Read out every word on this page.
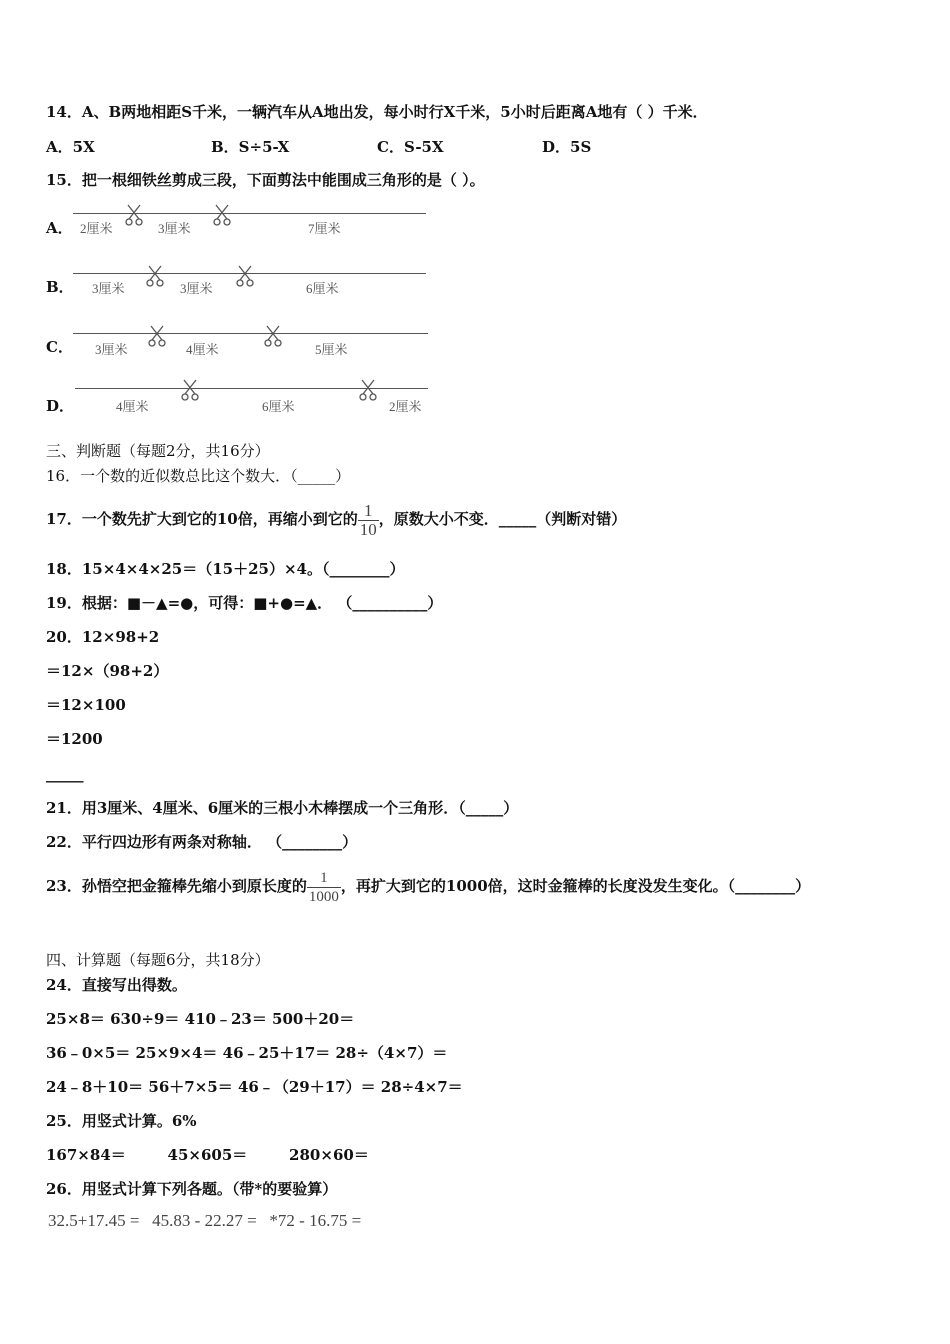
14．A、B两地相距S千米，一辆汽车从A地出发，每小时行X千米，5小时后距离A地有（ ）千米．
A．5X	B．S÷5-X	C．S-5X	D．5S
15．把一根细铁丝剪成三段，下面剪法中能围成三角形的是（ ）。
A． 2厘米	3厘米	7厘米
B． 3厘米	3厘米	6厘米
C． 3厘米	4厘米	5厘米
D．	4厘米	6厘米	2厘米
三、判断题（每题2分，共16分）
16．一个数的近似数总比这个数大．（_____）
17．一个数先扩大到它的10倍，再缩小到它的 $\frac{1}{10}$ ，原数大小不变．_____（判断对错）
18．15×4×4×25＝（15＋25）×4。（________）
19．根据：■－▲=●，可得：■+●=▲． （__________）
20．12×98+2
＝12×（98+2）
＝12×100
＝1200
_____
21．用3厘米、4厘米、6厘米的三根小木棒摆成一个三角形．（_____）
22．平行四边形有两条对称轴． （________）
23．孙悟空把金箍棒先缩小到原长度的 $\frac{1}{1000}$ ，再扩大到它的1000倍，这时金箍棒的长度没发生变化。（________）
四、计算题（每题6分，共18分）
24．直接写出得数。
25×8＝ 630÷9＝ 410﹣23＝ 500＋20＝
36﹣0×5＝ 25×9×4＝ 46﹣25＋17＝ 28÷（4×7）＝
24﹣8＋10＝ 56＋7×5＝ 46﹣（29＋17）＝ 28÷4×7＝
25．用竖式计算。6%
167×84＝        45×605＝        280×60＝
26．用竖式计算下列各题。（带*的要验算）
32.5+17.45 =   45.83 - 22.27 =   *72 - 16.75 =
